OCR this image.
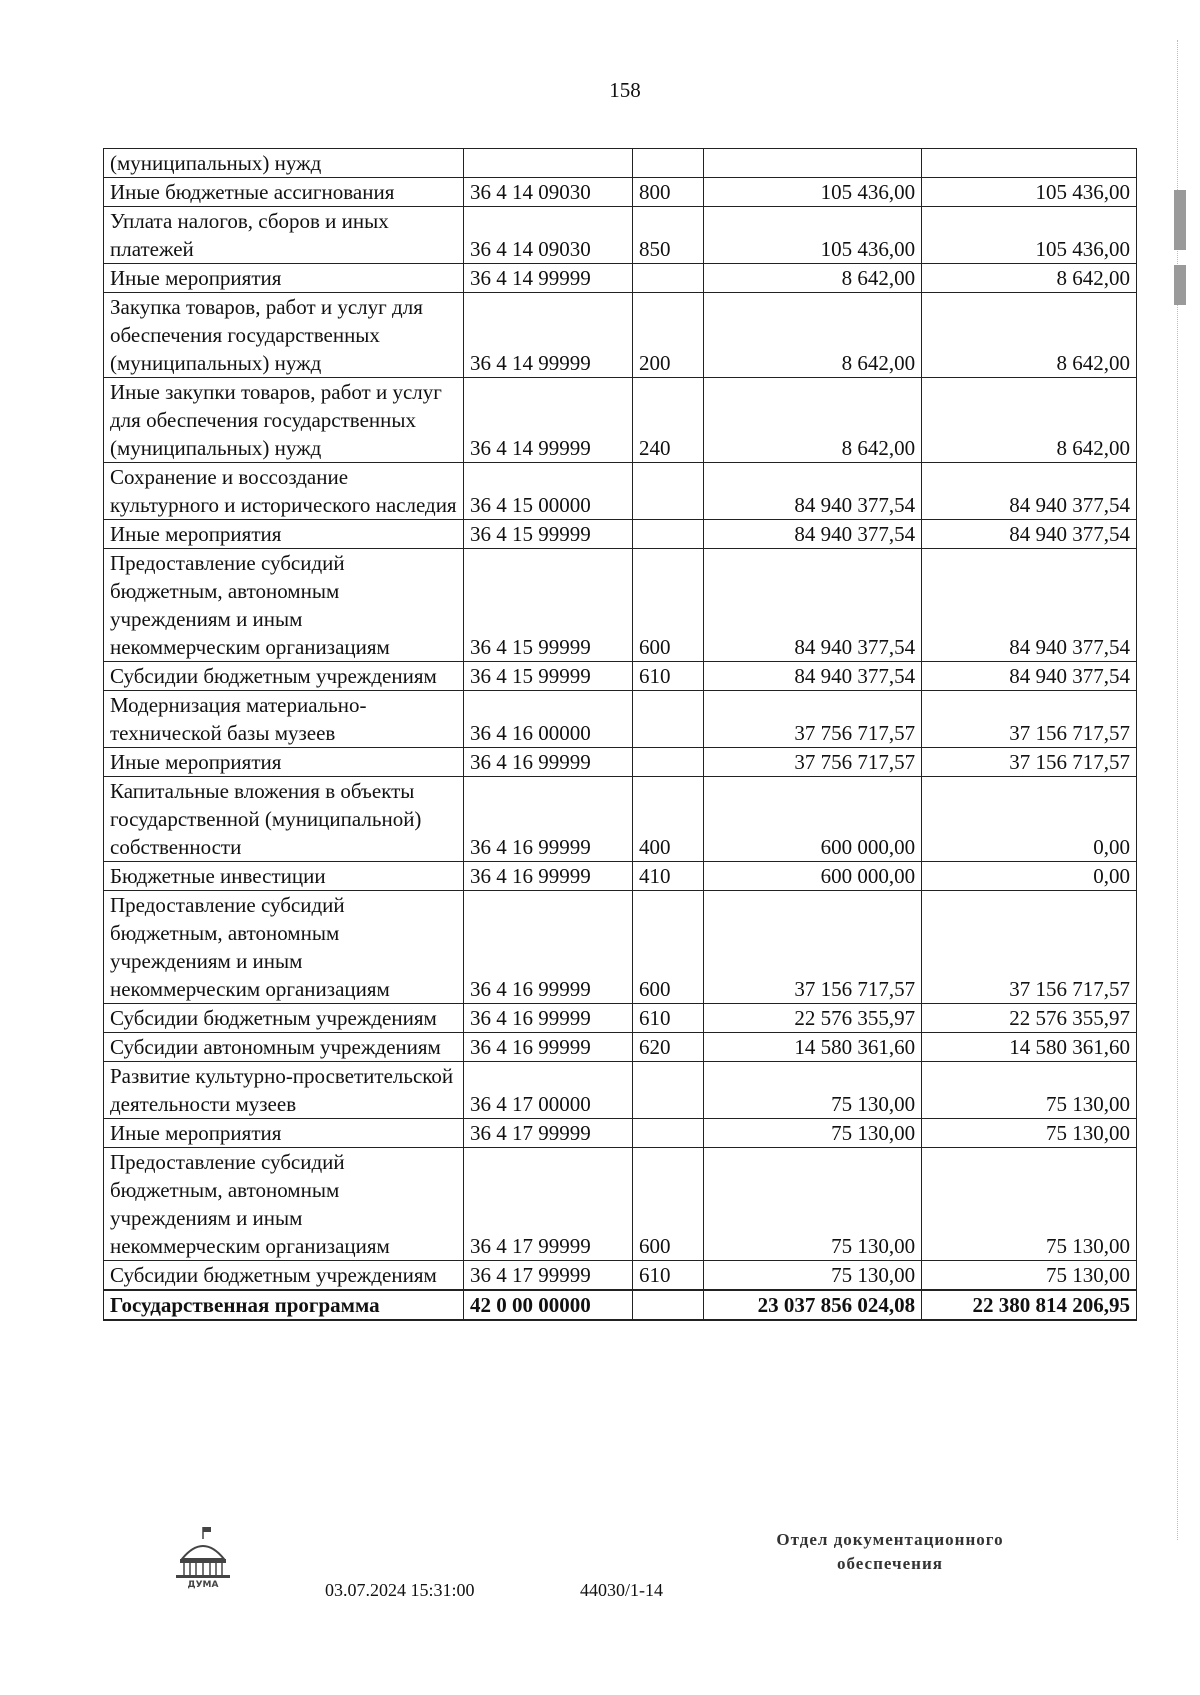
158
(муниципальных) нужд				
Иные бюджетные ассигнования	36 4 14 09030	800	105 436,00	105 436,00
Уплата налогов, сборов и иных платежей	36 4 14 09030	850	105 436,00	105 436,00
Иные мероприятия	36 4 14 99999		8 642,00	8 642,00
Закупка товаров, работ и услуг для обеспечения государственных (муниципальных) нужд	36 4 14 99999	200	8 642,00	8 642,00
Иные закупки товаров, работ и услуг для обеспечения государственных (муниципальных) нужд	36 4 14 99999	240	8 642,00	8 642,00
Сохранение и воссоздание культурного и исторического наследия	36 4 15 00000		84 940 377,54	84 940 377,54
Иные мероприятия	36 4 15 99999		84 940 377,54	84 940 377,54
Предоставление субсидий бюджетным, автономным учреждениям и иным некоммерческим организациям	36 4 15 99999	600	84 940 377,54	84 940 377,54
Субсидии бюджетным учреждениям	36 4 15 99999	610	84 940 377,54	84 940 377,54
Модернизация материально-технической базы музеев	36 4 16 00000		37 756 717,57	37 156 717,57
Иные мероприятия	36 4 16 99999		37 756 717,57	37 156 717,57
Капитальные вложения в объекты государственной (муниципальной) собственности	36 4 16 99999	400	600 000,00	0,00
Бюджетные инвестиции	36 4 16 99999	410	600 000,00	0,00
Предоставление субсидий бюджетным, автономным учреждениям и иным некоммерческим организациям	36 4 16 99999	600	37 156 717,57	37 156 717,57
Субсидии бюджетным учреждениям	36 4 16 99999	610	22 576 355,97	22 576 355,97
Субсидии автономным учреждениям	36 4 16 99999	620	14 580 361,60	14 580 361,60
Развитие культурно-просветительской деятельности музеев	36 4 17 00000		75 130,00	75 130,00
Иные мероприятия	36 4 17 99999		75 130,00	75 130,00
Предоставление субсидий бюджетным, автономным учреждениям и иным некоммерческим организациям	36 4 17 99999	600	75 130,00	75 130,00
Субсидии бюджетным учреждениям	36 4 17 99999	610	75 130,00	75 130,00
Государственная программа	42 0 00 00000		23 037 856 024,08	22 380 814 206,95
ДУМА	03.07.2024 15:31:00	44030/1-14
Отдел документационного
обеспечения
